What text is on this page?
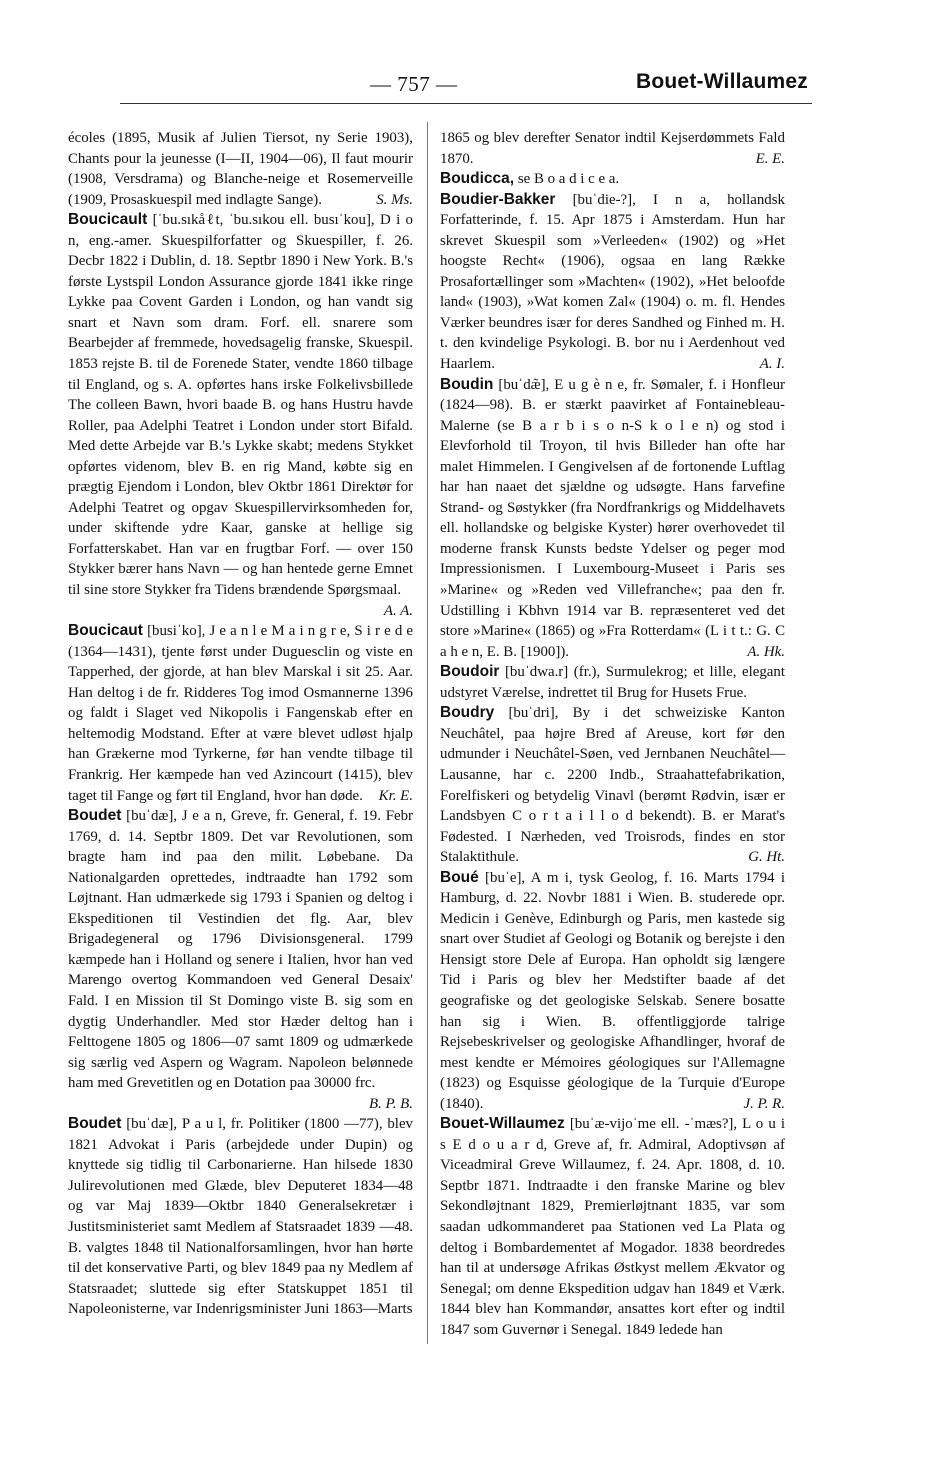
— 757 —	Bouet-Willaumez

écoles (1895, Musik af Julien Tiersot, ny Serie 1903), Chants pour la jeunesse (I—II, 1904—06), Il faut mourir (1908, Versdrama) og Blanche-neige et Rosemerveille (1909, Prosaskuespil med indlagte Sange).	S. Ms.

Boucicault [ˈbu.sıkåℓt, ˈbu.sıkou ell. busıˈkou], D i o n, eng.-amer. Skuespilforfatter og Skuespiller, f. 26. Decbr 1822 i Dublin, d. 18. Septbr 1890 i New York. B.'s første Lystspil London Assurance gjorde 1841 ikke ringe Lykke paa Covent Garden i London, og han vandt sig snart et Navn som dram. Forf. ell. snarere som Bearbejder af fremmede, hovedsagelig franske, Skuespil. 1853 rejste B. til de Forenede Stater, vendte 1860 tilbage til England, og s. A. opførtes hans irske Folkelivsbillede The colleen Bawn, hvori baade B. og hans Hustru havde Roller, paa Adelphi Teatret i London under stort Bifald. Med dette Arbejde var B.'s Lykke skabt; medens Stykket opførtes videnom, blev B. en rig Mand, købte sig en prægtig Ejendom i London, blev Oktbr 1861 Direktør for Adelphi Teatret og opgav Skuespillervirksomheden for, under skiftende ydre Kaar, ganske at hellige sig Forfatterskabet. Han var en frugtbar Forf. — over 150 Stykker bærer hans Navn — og han hentede gerne Emnet til sine store Stykker fra Tidens brændende Spørgsmaal.
A. A.

Boucicaut [busiˈko], J e a n l e M a i n g r e, S i r e d e (1364—1431), tjente først under Duguesclin og viste en Tapperhed, der gjorde, at han blev Marskal i sit 25. Aar. Han deltog i de fr. Ridderes Tog imod Osmannerne 1396 og faldt i Slaget ved Nikopolis i Fangenskab efter en heltemodig Modstand. Efter at være blevet udløst hjalp han Grækerne mod Tyrkerne, før han vendte tilbage til Frankrig. Her kæmpede han ved Azincourt (1415), blev taget til Fange og ført til England, hvor han døde.	Kr. E.

Boudet [buˈdæ], J e a n, Greve, fr. General, f. 19. Febr 1769, d. 14. Septbr 1809. Det var Revolutionen, som bragte ham ind paa den milit. Løbebane. Da Nationalgarden oprettedes, indtraadte han 1792 som Løjtnant. Han udmærkede sig 1793 i Spanien og deltog i Ekspeditionen til Vestindien det flg. Aar, blev Brigadegeneral og 1796 Divisionsgeneral. 1799 kæmpede han i Holland og senere i Italien, hvor han ved Marengo overtog Kommandoen ved General Desaix' Fald. I en Mission til St Domingo viste B. sig som en dygtig Underhandler. Med stor Hæder deltog han i Felttogene 1805 og 1806—07 samt 1809 og udmærkede sig særlig ved Aspern og Wagram. Napoleon belønnede ham med Grevetitlen og en Dotation paa 30000 frc.
B. P. B.

Boudet [buˈdæ], P a u l, fr. Politiker (1800 —77), blev 1821 Advokat i Paris (arbejdede under Dupin) og knyttede sig tidlig til Carbonarierne. Han hilsede 1830 Julirevolutionen med Glæde, blev Deputeret 1834—48 og var Maj 1839—Oktbr 1840 Generalsekretær i Justitsministeriet samt Medlem af Statsraadet 1839 —48. B. valgtes 1848 til Nationalforsamlingen, hvor han hørte til det konservative Parti, og blev 1849 paa ny Medlem af Statsraadet; sluttede sig efter Statskuppet 1851 til Napoleonisterne, var Indenrigsminister Juni 1863—Marts

1865 og blev derefter Senator indtil Kejserdømmets Fald 1870.	E. E.

Boudicca, se B o a d i c e a.

Boudier-Bakker [buˈdie-?], I n a, hollandsk Forfatterinde, f. 15. Apr 1875 i Amsterdam. Hun har skrevet Skuespil som »Verleeden« (1902) og »Het hoogste Recht« (1906), ogsaa en lang Række Prosafortællinger som »Machten« (1902), »Het beloofde land« (1903), »Wat komen Zal« (1904) o. m. fl. Hendes Værker beundres især for deres Sandhed og Finhed m. H. t. den kvindelige Psykologi. B. bor nu i Aerdenhout ved Haarlem.	A. I.

Boudin [buˈdæ̃], E u g è n e, fr. Sømaler, f. i Honfleur (1824—98). B. er stærkt paavirket af Fontainebleau-Malerne (se B a r b i s o n-S k o l e n) og stod i Elevforhold til Troyon, til hvis Billeder han ofte har malet Himmelen. I Gengivelsen af de fortonende Luftlag har han naaet det sjældne og udsøgte. Hans farvefine Strand- og Søstykker (fra Nordfrankrigs og Middelhavets ell. hollandske og belgiske Kyster) hører overhovedet til moderne fransk Kunsts bedste Ydelser og peger mod Impressionismen. I Luxembourg-Museet i Paris ses »Marine« og »Reden ved Villefranche«; paa den fr. Udstilling i Kbhvn 1914 var B. repræsenteret ved det store »Marine« (1865) og »Fra Rotterdam« (L i t t.: G. C a h e n, E. B. [1900]).	A. Hk.

Boudoir [buˈdwa.r] (fr.), Surmulekrog; et lille, elegant udstyret Værelse, indrettet til Brug for Husets Frue.

Boudry [buˈdri], By i det schweiziske Kanton Neuchâtel, paa højre Bred af Areuse, kort før den udmunder i Neuchâtel-Søen, ved Jernbanen Neuchâtel—Lausanne, har c. 2200 Indb., Straahattefabrikation, Forelfiskeri og betydelig Vinavl (berømt Rødvin, især er Landsbyen C o r t a i l l o d bekendt). B. er Marat's Fødested. I Nærheden, ved Troisrods, findes en stor Stalaktithule.	G. Ht.

Boué [buˈe], A m i, tysk Geolog, f. 16. Marts 1794 i Hamburg, d. 22. Novbr 1881 i Wien. B. studerede opr. Medicin i Genève, Edinburgh og Paris, men kastede sig snart over Studiet af Geologi og Botanik og berejste i den Hensigt store Dele af Europa. Han opholdt sig længere Tid i Paris og blev her Medstifter baade af det geografiske og det geologiske Selskab. Senere bosatte han sig i Wien. B. offentliggjorde talrige Rejsebeskrivelser og geologiske Afhandlinger, hvoraf de mest kendte er Mémoires géologiques sur l'Allemagne (1823) og Esquisse géologique de la Turquie d'Europe (1840).	J. P. R.

Bouet-Willaumez [buˈæ-vijoˈme ell. -ˈmæs?], L o u i s E d o u a r d, Greve af, fr. Admiral, Adoptivsøn af Viceadmiral Greve Willaumez, f. 24. Apr. 1808, d. 10. Septbr 1871. Indtraadte i den franske Marine og blev Sekondløjtnant 1829, Premierløjtnant 1835, var som saadan udkommanderet paa Stationen ved La Plata og deltog i Bombardementet af Mogador. 1838 beordredes han til at undersøge Afrikas Østkyst mellem Ækvator og Senegal; om denne Ekspedition udgav han 1849 et Værk. 1844 blev han Kommandør, ansattes kort efter og indtil 1847 som Guvernør i Senegal. 1849 ledede han
